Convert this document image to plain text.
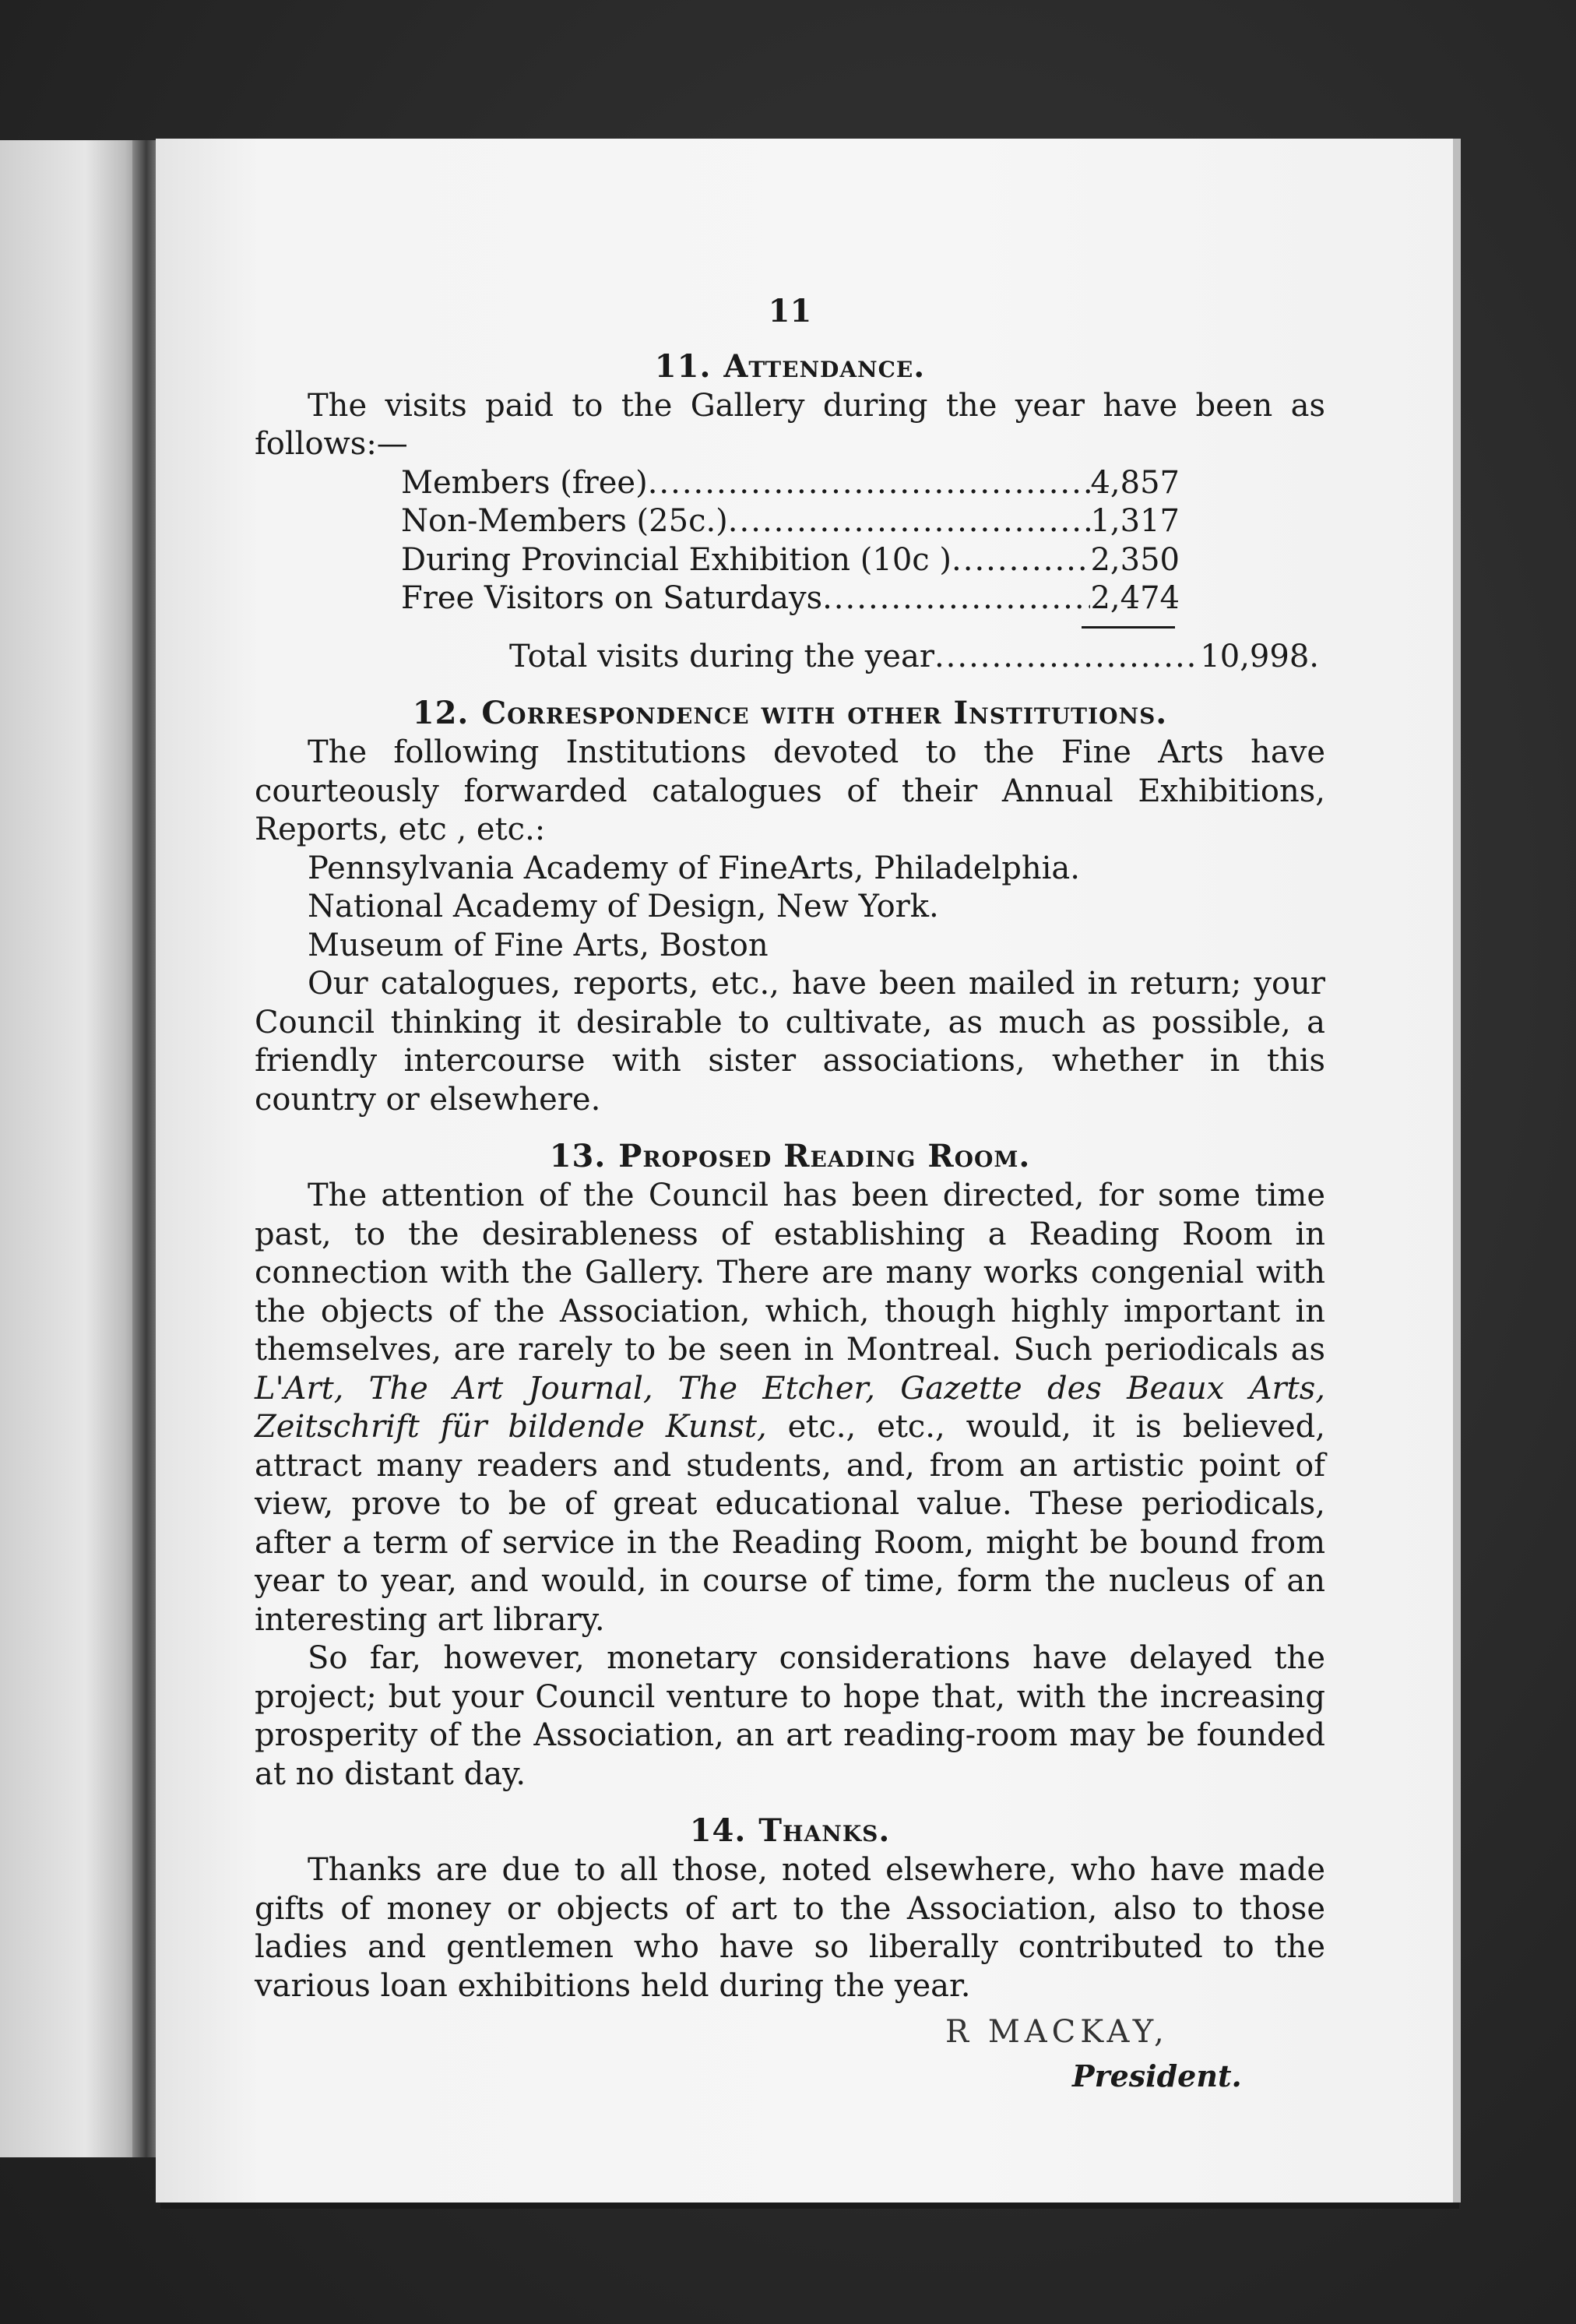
11
11. Attendance.

The visits paid to the Gallery during the year have been as follows:—

Members (free) .....	4,857
Non-Members (25c.) .....	1,317
During Provincial Exhibition (10c ) .....	2,350
Free Visitors on Saturdays .....	2,474
Total visits during the year .....	10,998.
12. Correspondence with other Institutions.

The following Institutions devoted to the Fine Arts have courteously forwarded catalogues of their Annual Exhibitions, Reports, etc , etc.:

Pennsylvania Academy of FineArts, Philadelphia.

National Academy of Design, New York.

Museum of Fine Arts, Boston

Our catalogues, reports, etc., have been mailed in return; your Council thinking it desirable to cultivate, as much as possible, a friendly intercourse with sister associations, whether in this country or elsewhere.

13. Proposed Reading Room.

The attention of the Council has been directed, for some time past, to the desirableness of establishing a Reading Room in connection with the Gallery. There are many works congenial with the objects of the Association, which, though highly important in themselves, are rarely to be seen in Montreal. Such periodicals as L'Art, The Art Journal, The Etcher, Gazette des Beaux Arts, Zeitschrift für bildende Kunst, etc., etc., would, it is believed, attract many readers and students, and, from an artistic point of view, prove to be of great educational value. These periodicals, after a term of service in the Reading Room, might be bound from year to year, and would, in course of time, form the nucleus of an interesting art library.

So far, however, monetary considerations have delayed the project; but your Council venture to hope that, with the increasing prosperity of the Association, an art reading-room may be founded at no distant day.

14. Thanks.

Thanks are due to all those, noted elsewhere, who have made gifts of money or objects of art to the Association, also to those ladies and gentlemen who have so liberally contributed to the various loan exhibitions held during the year.

R MACKAY,
President.
